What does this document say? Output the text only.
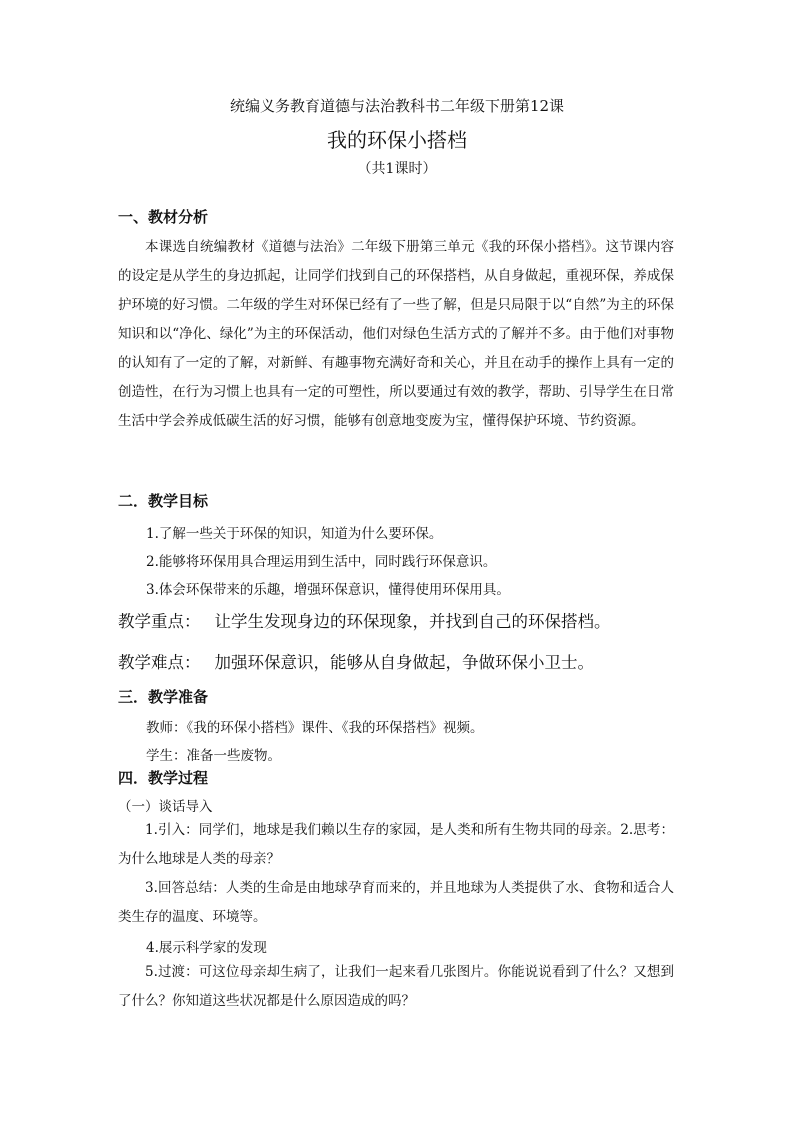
统编义务教育道德与法治教科书二年级下册第12课
我的环保小搭档
（共1课时）
一、教材分析
本课选自统编教材《道德与法治》二年级下册第三单元《我的环保小搭档》。这节课内容的设定是从学生的身边抓起，让同学们找到自己的环保搭档，从自身做起，重视环保，养成保护环境的好习惯。二年级的学生对环保已经有了一些了解，但是只局限于以“自然”为主的环保知识和以“净化、绿化”为主的环保活动，他们对绿色生活方式的了解并不多。由于他们对事物的认知有了一定的了解，对新鲜、有趣事物充满好奇和关心，并且在动手的操作上具有一定的创造性，在行为习惯上也具有一定的可塑性，所以要通过有效的教学，帮助、引导学生在日常生活中学会养成低碳生活的好习惯，能够有创意地变废为宝，懂得保护环境、节约资源。
二．教学目标
1.了解一些关于环保的知识，知道为什么要环保。
2.能够将环保用具合理运用到生活中，同时践行环保意识。
3.体会环保带来的乐趣，增强环保意识，懂得使用环保用具。
教学重点： 让学生发现身边的环保现象，并找到自己的环保搭档。
教学难点： 加强环保意识，能够从自身做起，争做环保小卫士。
三．教学准备
教师：《我的环保小搭档》课件、《我的环保搭档》视频。
学生：准备一些废物。
四．教学过程
（一）谈话导入
1.引入：同学们，地球是我们赖以生存的家园，是人类和所有生物共同的母亲。2.思考：为什么地球是人类的母亲？
3.回答总结：人类的生命是由地球孕育而来的，并且地球为人类提供了水、食物和适合人类生存的温度、环境等。
4.展示科学家的发现
5.过渡：可这位母亲却生病了，让我们一起来看几张图片。你能说说看到了什么？又想到了什么？你知道这些状况都是什么原因造成的吗？
